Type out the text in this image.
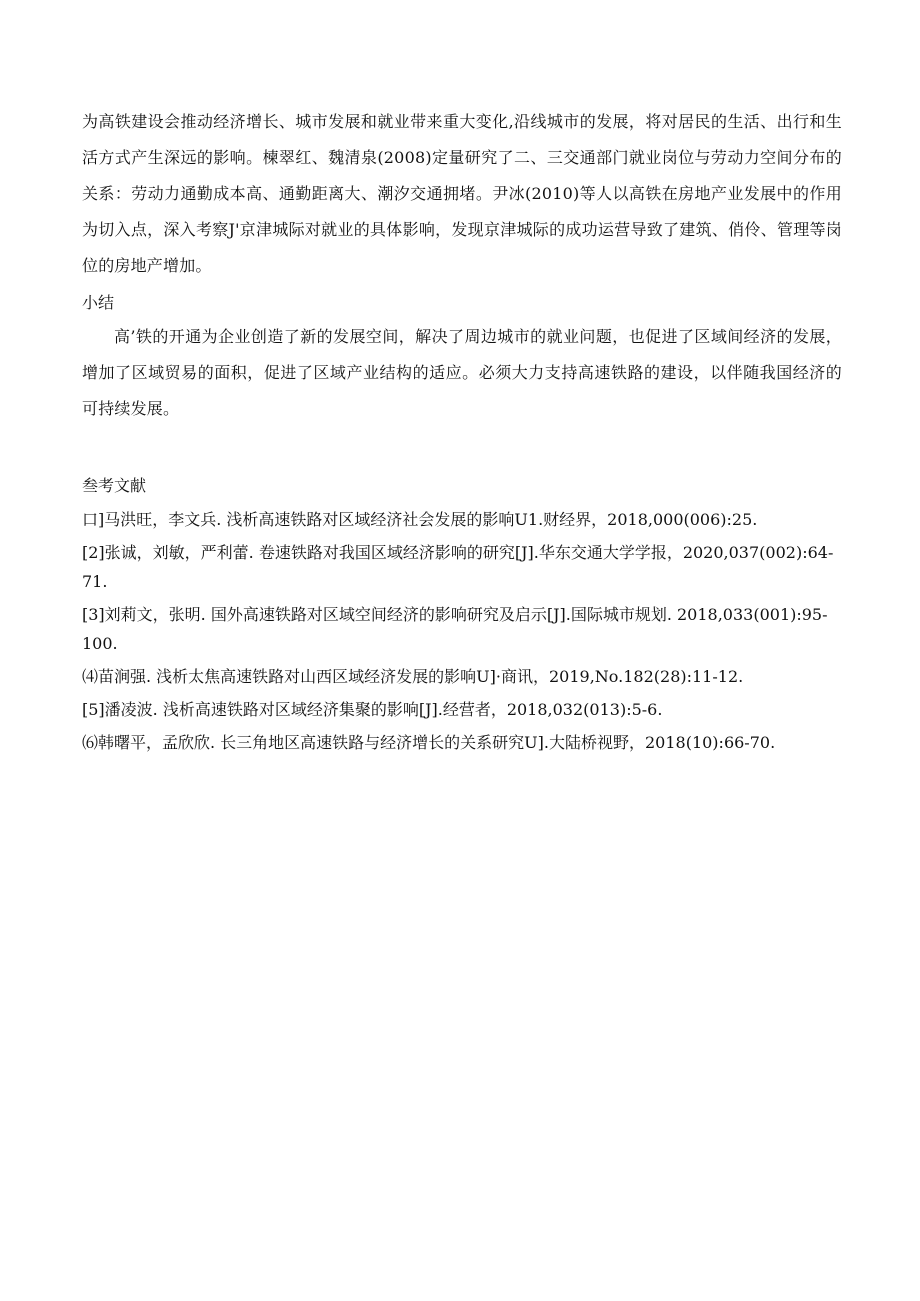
为高铁建设会推动经济增长、城市发展和就业带来重大变化,沿线城市的发展，将对居民的生活、出行和生活方式产生深远的影响。楝翠红、魏清泉(2008)定量研究了二、三交通部门就业岗位与劳动力空间分布的关系：劳动力通勤成本高、通勤距离大、潮汐交通拥堵。尹冰(2010)等人以高铁在房地产业发展中的作用为切入点，深入考察J'京津城际对就业的具体影响，发现京津城际的成功运营导致了建筑、俏伶、管理等岗位的房地产增加。

小结

高’铁的开通为企业创造了新的发展空间，解决了周边城市的就业问题，也促进了区域间经济的发展，增加了区域贸易的面积，促进了区域产业结构的适应。必须大力支持高速铁路的建设，以伴随我国经济的可持续发展。

叁考文献
口]马洪旺，李文兵. 浅析高速铁路对区域经济社会发展的影响U1.财经界，2018,000(006):25.
[2]张诚，刘敏，严利蕾. 卷速铁路对我国区域经济影响的研究[J].华东交通大学学报，2020,037(002):64-71.
[3]刘莉文，张明. 国外高速铁路对区域空间经济的影响研究及启示[J].国际城市规划. 2018,033(001):95-100.
⑷苗涧强. 浅析太焦高速铁路对山西区域经济发展的影响U]·商讯，2019,No.182(28):11-12.
[5]潘凌波. 浅析高速铁路对区域经济集聚的影响[J].经营者，2018,032(013):5-6.
⑹韩曙平，孟欣欣. 长三角地区高速铁路与经济增长的关系研究U].大陆桥视野，2018(10):66-70.
